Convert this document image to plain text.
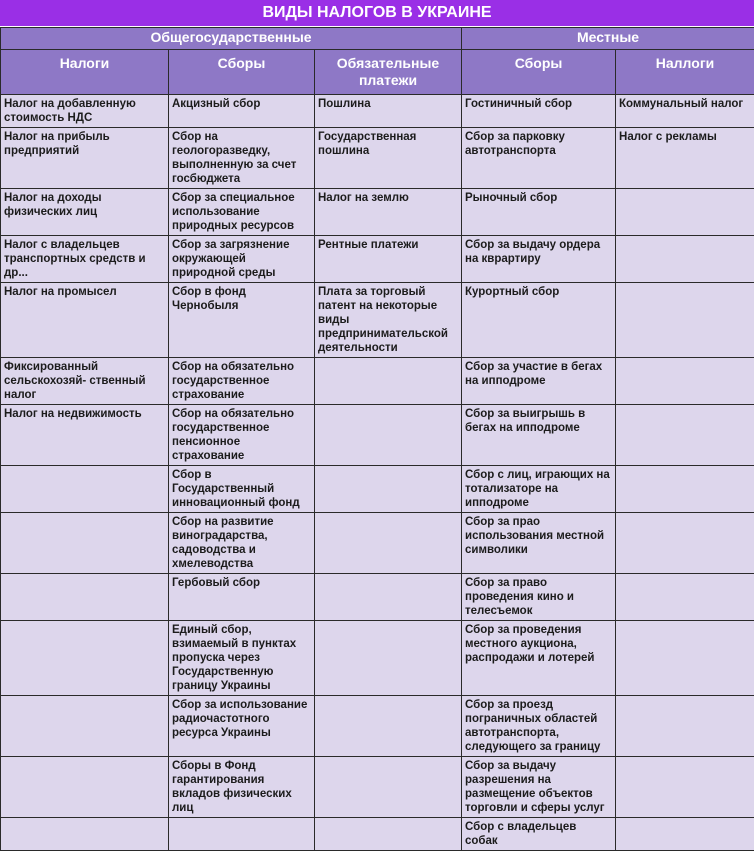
ВИДЫ НАЛОГОВ В УКРАИНЕ
Общегосударственные			Местные	
Налоги	Сборы	Обязательные платежи	Сборы	Наллоги
Налог на добавленную стоимость НДС	Акцизный сбор	Пошлина	Гостиничный сбор	Коммунальный налог
Налог на прибыль предприятий	Сбор на геологоразведку, выполненную за счет госбюджета	Государственная пошлина	Сбор за парковку автотранспорта	Налог с рекламы
Налог на доходы физических лиц	Сбор за специальное использование природных ресурсов	Налог на землю	Рыночный сбор	
Налог с владельцев транспортных средств и др...	Сбор за загрязнение окружающей природной среды	Рентные платежи	Сбор за выдачу ордера на кврартиру	
Налог на промысел	Сбор в фонд Чернобыля	Плата за торговый патент на некоторые виды предпринимательской деятельности	Курортный сбор	
Фиксированный сельскохозяй- ственный налог	Сбор на обязательно государственное страхование		Сбор за участие в бегах на ипподроме	
Налог на недвижимость	Сбор на обязательно государственное пенсионное страхование		Сбор за выигрышь в бегах на ипподроме	
	Сбор в Государственный инновационный фонд		Сбор с лиц, играющих на тотализаторе на ипподроме	
	Сбор на развитие виноградарства, садоводства и хмелеводства		Сбор за прао использования местной символики	
	Гербовый сбор		Сбор за право проведения кино и телесъемок	
	Единый сбор, взимаемый в пунктах пропуска через Государственную границу Украины		Сбор за проведения местного аукциона, распродажи и лотерей	
	Сбор за использование радиочастотного ресурса Украины		Сбор за проезд пограничных областей автотранспорта, следующего за границу	
	Сборы в Фонд гарантирования вкладов физических лиц		Сбор за выдачу разрешения на размещение объектов торговли и сферы услуг	
			Сбор с владельцев собак	
